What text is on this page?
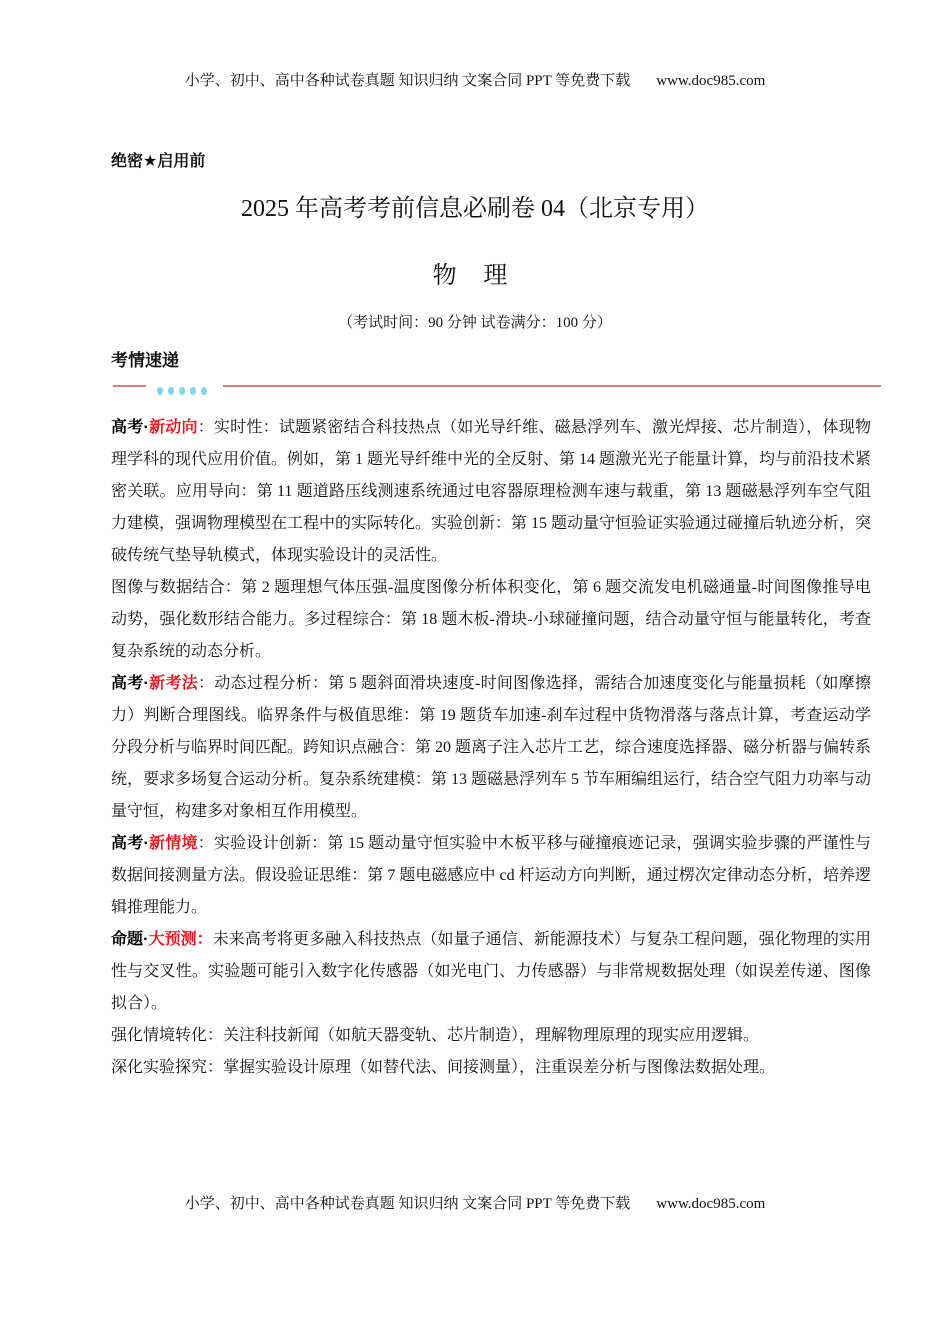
小学、初中、高中各种试卷真题 知识归纳 文案合同 PPT 等免费下载 www.doc985.com
绝密★启用前
2025 年高考考前信息必刷卷 04（北京专用）
物 理
（考试时间：90 分钟 试卷满分：100 分）
考情速递

高考·新动向：实时性：试题紧密结合科技热点（如光导纤维、磁悬浮列车、激光焊接、芯片制造），体现物理学科的现代应用价值。例如，第 1 题光导纤维中光的全反射、第 14 题激光光子能量计算，均与前沿技术紧密关联。应用导向：第 11 题道路压线测速系统通过电容器原理检测车速与载重，第 13 题磁悬浮列车空气阻力建模，强调物理模型在工程中的实际转化。实验创新：第 15 题动量守恒验证实验通过碰撞后轨迹分析，突破传统气垫导轨模式，体现实验设计的灵活性。

图像与数据结合：第 2 题理想气体压强-温度图像分析体积变化，第 6 题交流发电机磁通量-时间图像推导电动势，强化数形结合能力。多过程综合：第 18 题木板-滑块-小球碰撞问题，结合动量守恒与能量转化，考查复杂系统的动态分析。

高考·新考法：动态过程分析：第 5 题斜面滑块速度-时间图像选择，需结合加速度变化与能量损耗（如摩擦力）判断合理图线。临界条件与极值思维：第 19 题货车加速-刹车过程中货物滑落与落点计算，考查运动学分段分析与临界时间匹配。跨知识点融合：第 20 题离子注入芯片工艺，综合速度选择器、磁分析器与偏转系统，要求多场复合运动分析。复杂系统建模：第 13 题磁悬浮列车 5 节车厢编组运行，结合空气阻力功率与动量守恒，构建多对象相互作用模型。

高考·新情境：实验设计创新：第 15 题动量守恒实验中木板平移与碰撞痕迹记录，强调实验步骤的严谨性与数据间接测量方法。假设验证思维：第 7 题电磁感应中 cd 杆运动方向判断，通过楞次定律动态分析，培养逻辑推理能力。

命题·大预测：未来高考将更多融入科技热点（如量子通信、新能源技术）与复杂工程问题，强化物理的实用性与交叉性。实验题可能引入数字化传感器（如光电门、力传感器）与非常规数据处理（如误差传递、图像拟合）。

强化情境转化：关注科技新闻（如航天器变轨、芯片制造），理解物理原理的现实应用逻辑。

深化实验探究：掌握实验设计原理（如替代法、间接测量），注重误差分析与图像法数据处理。

小学、初中、高中各种试卷真题 知识归纳 文案合同 PPT 等免费下载 www.doc985.com
